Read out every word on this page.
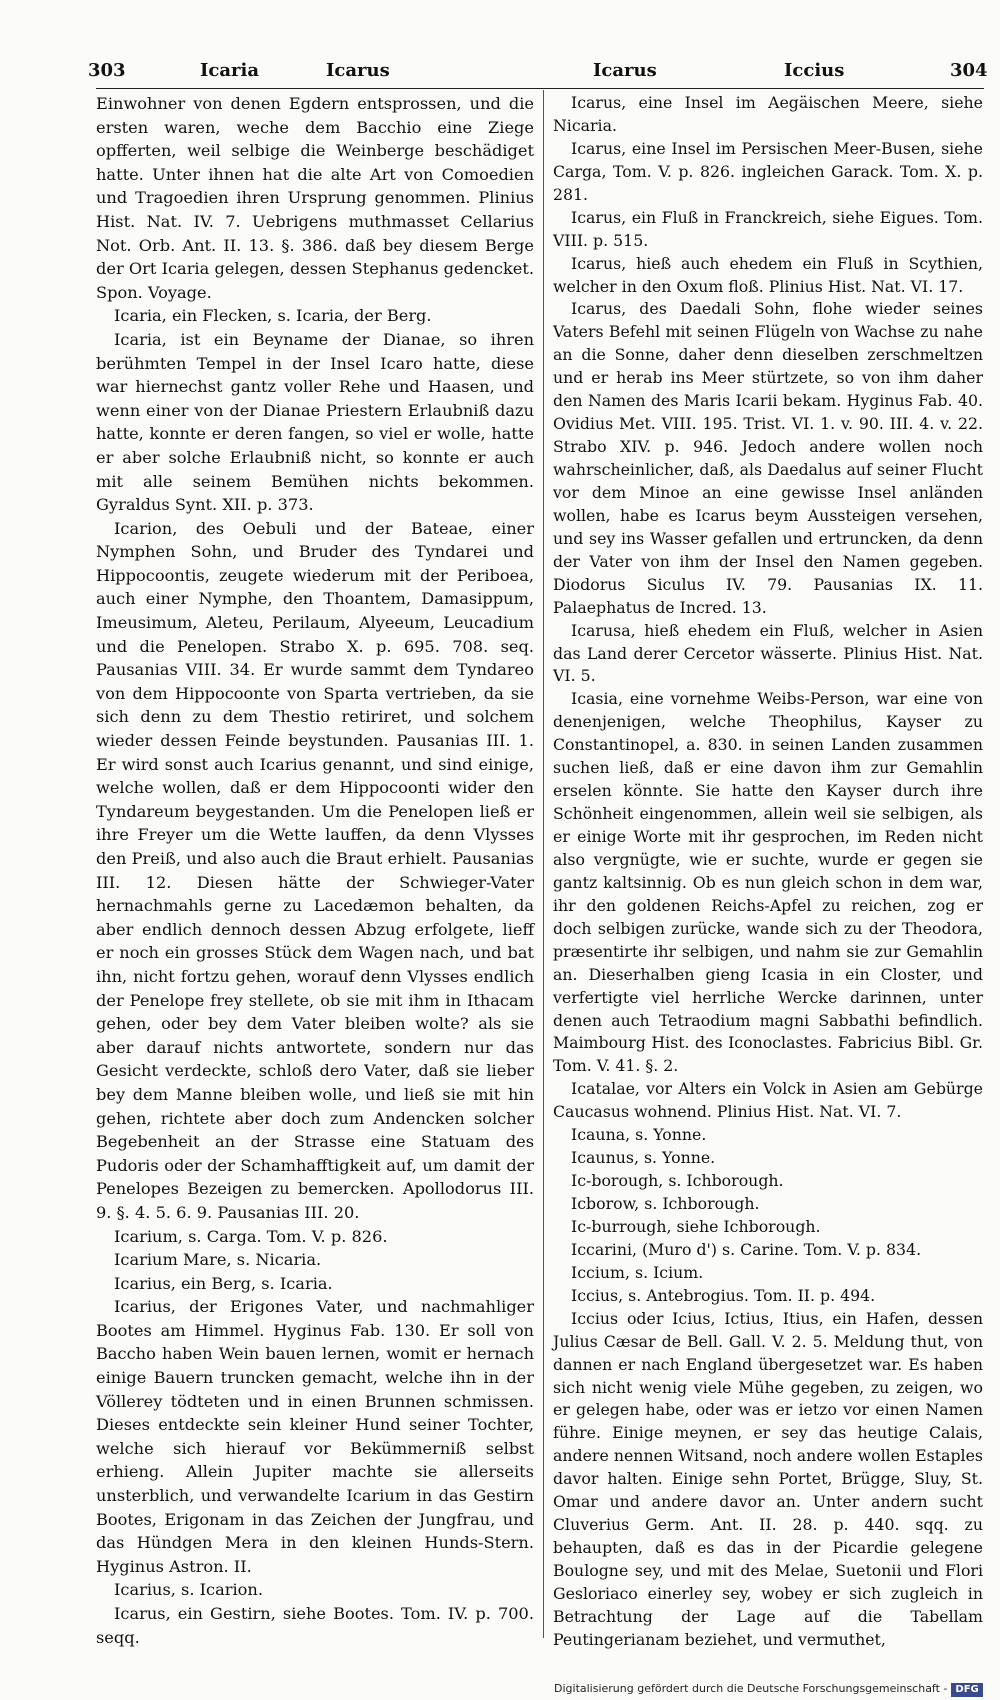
303	Icaria	Icarus	Icarus	Iccius	304

Einwohner von denen Egdern entsprossen, und die ersten waren, weche dem Bacchio eine Ziege opfferten, weil selbige die Weinberge beschädiget hatte. Unter ihnen hat die alte Art von Comoedien und Tragoedien ihren Ursprung genommen. Plinius Hist. Nat. IV. 7. Uebrigens muthmasset Cellarius Not. Orb. Ant. II. 13. §. 386. daß bey diesem Berge der Ort Icaria gelegen, dessen Stephanus gedencket. Spon. Voyage.

Icaria, ein Flecken, s. Icaria, der Berg.

Icaria, ist ein Beyname der Dianae, so ihren berühmten Tempel in der Insel Icaro hatte, diese war hiernechst gantz voller Rehe und Haasen, und wenn einer von der Dianae Priestern Erlaubniß dazu hatte, konnte er deren fangen, so viel er wolle, hatte er aber solche Erlaubniß nicht, so konnte er auch mit alle seinem Bemühen nichts bekommen. Gyraldus Synt. XII. p. 373.

Icarion, des Oebuli und der Bateae, einer Nymphen Sohn, und Bruder des Tyndarei und Hippocoontis, zeugete wiederum mit der Periboea, auch einer Nymphe, den Thoantem, Damasippum, Imeusimum, Aleteu, Perilaum, Alyeeum, Leucadium und die Penelopen. Strabo X. p. 695. 708. seq. Pausanias VIII. 34. Er wurde sammt dem Tyndareo von dem Hippocoonte von Sparta vertrieben, da sie sich denn zu dem Thestio retiriret, und solchem wieder dessen Feinde beystunden. Pausanias III. 1. Er wird sonst auch Icarius genannt, und sind einige, welche wollen, daß er dem Hippocoonti wider den Tyndareum beygestanden. Um die Penelopen ließ er ihre Freyer um die Wette lauffen, da denn Vlysses den Preiß, und also auch die Braut erhielt. Pausanias III. 12. Diesen hätte der Schwieger-Vater hernachmahls gerne zu Lacedæmon behalten, da aber endlich dennoch dessen Abzug erfolgete, lieff er noch ein grosses Stück dem Wagen nach, und bat ihn, nicht fortzu gehen, worauf denn Vlysses endlich der Penelope frey stellete, ob sie mit ihm in Ithacam gehen, oder bey dem Vater bleiben wolte? als sie aber darauf nichts antwortete, sondern nur das Gesicht verdeckte, schloß dero Vater, daß sie lieber bey dem Manne bleiben wolle, und ließ sie mit hin gehen, richtete aber doch zum Andencken solcher Begebenheit an der Strasse eine Statuam des Pudoris oder der Schamhafftigkeit auf, um damit der Penelopes Bezeigen zu bemercken. Apollodorus III. 9. §. 4. 5. 6. 9. Pausanias III. 20.

Icarium, s. Carga. Tom. V. p. 826.

Icarium Mare, s. Nicaria.

Icarius, ein Berg, s. Icaria.

Icarius, der Erigones Vater, und nachmahliger Bootes am Himmel. Hyginus Fab. 130. Er soll von Baccho haben Wein bauen lernen, womit er hernach einige Bauern truncken gemacht, welche ihn in der Völlerey tödteten und in einen Brunnen schmissen. Dieses entdeckte sein kleiner Hund seiner Tochter, welche sich hierauf vor Bekümmerniß selbst erhieng. Allein Jupiter machte sie allerseits unsterblich, und verwandelte Icarium in das Gestirn Bootes, Erigonam in das Zeichen der Jungfrau, und das Hündgen Mera in den kleinen Hunds-Stern. Hyginus Astron. II.

Icarius, s. Icarion.

Icarus, ein Gestirn, siehe Bootes. Tom. IV. p. 700. seqq.

Icarus, eine Insel im Aegäischen Meere, siehe Nicaria.

Icarus, eine Insel im Persischen Meer-Busen, siehe Carga, Tom. V. p. 826. ingleichen Garack. Tom. X. p. 281.

Icarus, ein Fluß in Franckreich, siehe Eigues. Tom. VIII. p. 515.

Icarus, hieß auch ehedem ein Fluß in Scythien, welcher in den Oxum floß. Plinius Hist. Nat. VI. 17.

Icarus, des Daedali Sohn, flohe wieder seines Vaters Befehl mit seinen Flügeln von Wachse zu nahe an die Sonne, daher denn dieselben zerschmeltzen und er herab ins Meer stürtzete, so von ihm daher den Namen des Maris Icarii bekam. Hyginus Fab. 40. Ovidius Met. VIII. 195. Trist. VI. 1. v. 90. III. 4. v. 22. Strabo XIV. p. 946. Jedoch andere wollen noch wahrscheinlicher, daß, als Daedalus auf seiner Flucht vor dem Minoe an eine gewisse Insel anländen wollen, habe es Icarus beym Aussteigen versehen, und sey ins Wasser gefallen und ertruncken, da denn der Vater von ihm der Insel den Namen gegeben. Diodorus Siculus IV. 79. Pausanias IX. 11. Palaephatus de Incred. 13.

Icarusa, hieß ehedem ein Fluß, welcher in Asien das Land derer Cercetor wässerte. Plinius Hist. Nat. VI. 5.

Icasia, eine vornehme Weibs-Person, war eine von denenjenigen, welche Theophilus, Kayser zu Constantinopel, a. 830. in seinen Landen zusammen suchen ließ, daß er eine davon ihm zur Gemahlin erselen könnte. Sie hatte den Kayser durch ihre Schönheit eingenommen, allein weil sie selbigen, als er einige Worte mit ihr gesprochen, im Reden nicht also vergnügte, wie er suchte, wurde er gegen sie gantz kaltsinnig. Ob es nun gleich schon in dem war, ihr den goldenen Reichs-Apfel zu reichen, zog er doch selbigen zurücke, wande sich zu der Theodora, præsentirte ihr selbigen, und nahm sie zur Gemahlin an. Dieserhalben gieng Icasia in ein Closter, und verfertigte viel herrliche Wercke darinnen, unter denen auch Tetraodium magni Sabbathi befindlich. Maimbourg Hist. des Iconoclastes. Fabricius Bibl. Gr. Tom. V. 41. §. 2.

Icatalae, vor Alters ein Volck in Asien am Gebürge Caucasus wohnend. Plinius Hist. Nat. VI. 7.

Icauna, s. Yonne.

Icaunus, s. Yonne.

Ic-borough, s. Ichborough.

Icborow, s. Ichborough.

Ic-burrough, siehe Ichborough.

Iccarini, (Muro d') s. Carine. Tom. V. p. 834.

Iccium, s. Icium.

Iccius, s. Antebrogius. Tom. II. p. 494.

Iccius oder Icius, Ictius, Itius, ein Hafen, dessen Julius Cæsar de Bell. Gall. V. 2. 5. Meldung thut, von dannen er nach England übergesetzet war. Es haben sich nicht wenig viele Mühe gegeben, zu zeigen, wo er gelegen habe, oder was er ietzo vor einen Namen führe. Einige meynen, er sey das heutige Calais, andere nennen Witsand, noch andere wollen Estaples davor halten. Einige sehn Portet, Brügge, Sluy, St. Omar und andere davor an. Unter andern sucht Cluverius Germ. Ant. II. 28. p. 440. sqq. zu behaupten, daß es das in der Picardie gelegene Boulogne sey, und mit des Melae, Suetonii und Flori Gesloriaco einerley sey, wobey er sich zugleich in Betrachtung der Lage auf die Tabellam Peutingerianam beziehet, und vermuthet,

Digitalisierung gefördert durch die Deutsche Forschungsgemeinschaft - DFG
